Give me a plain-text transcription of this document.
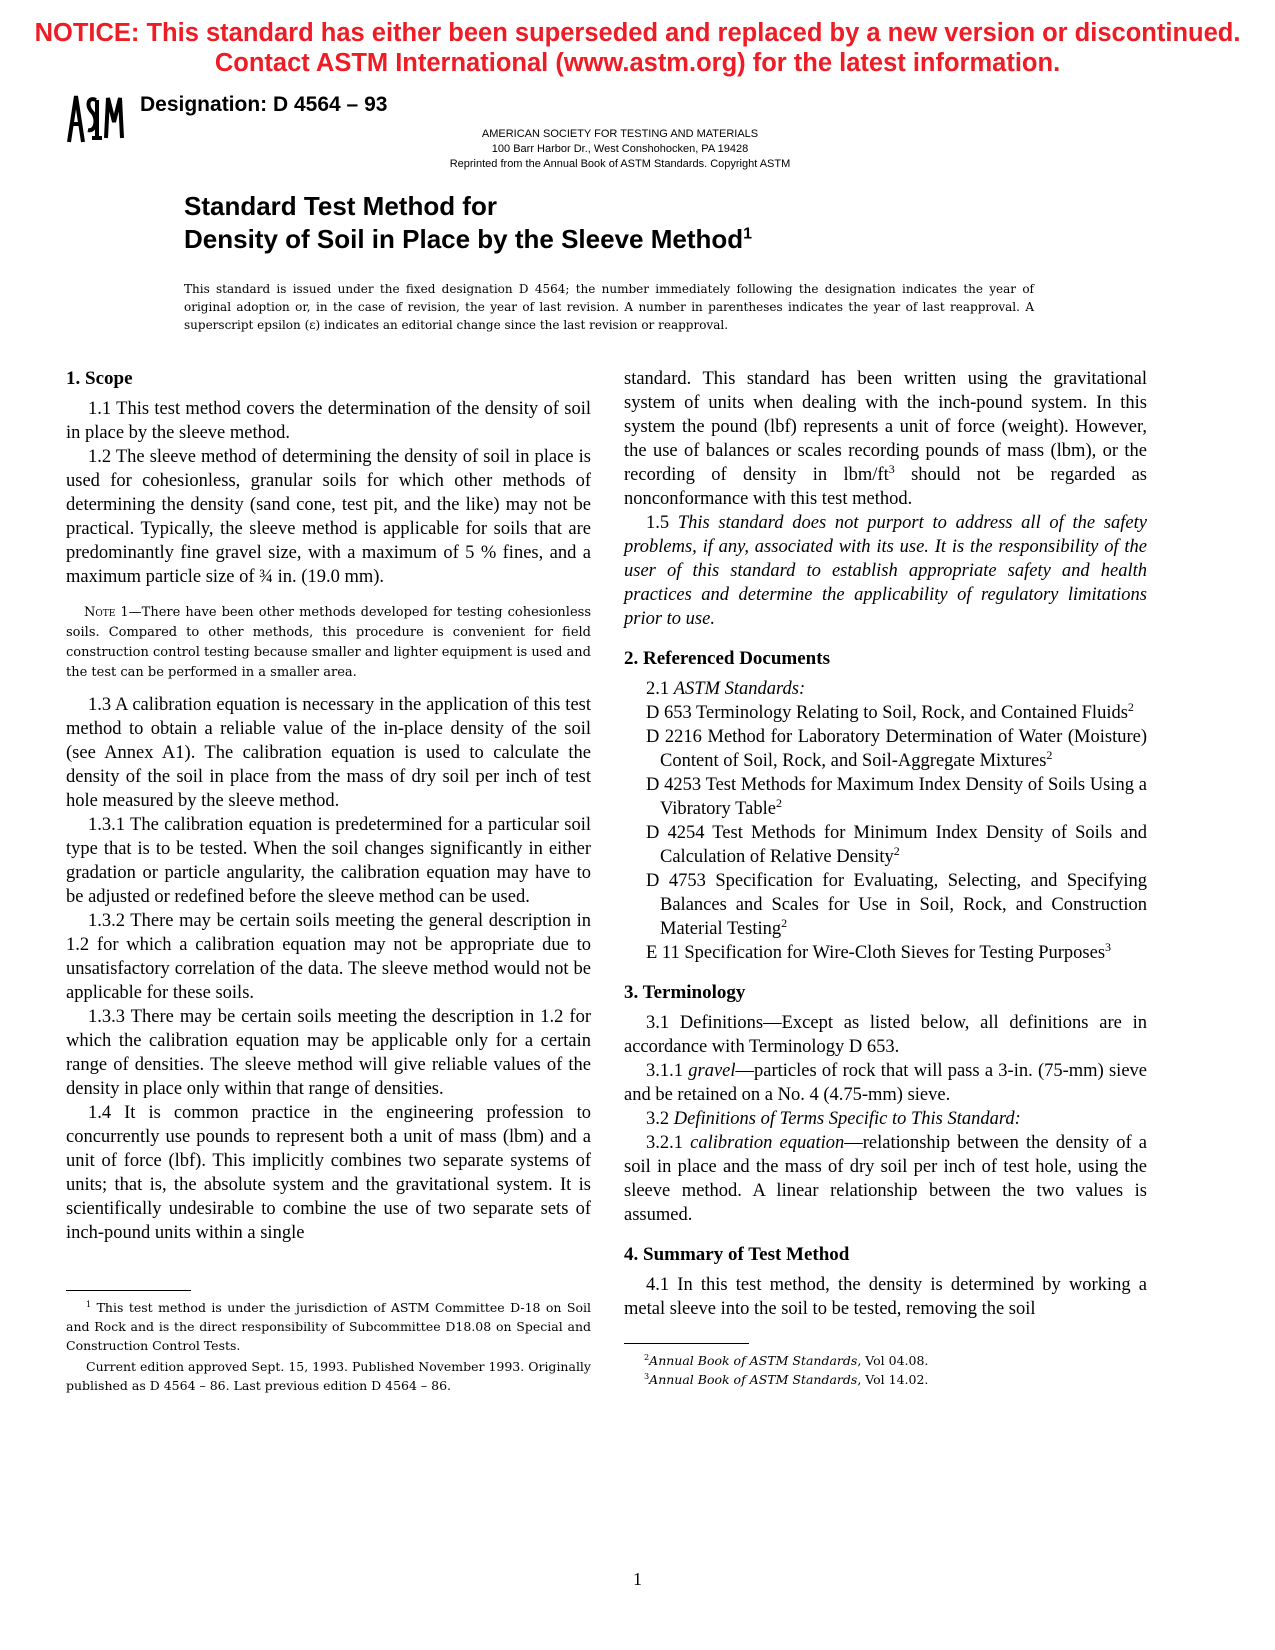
NOTICE: This standard has either been superseded and replaced by a new version or discontinued.
Contact ASTM International (www.astm.org) for the latest information.
Designation: D 4564 – 93
AMERICAN SOCIETY FOR TESTING AND MATERIALS
100 Barr Harbor Dr., West Conshohocken, PA 19428
Reprinted from the Annual Book of ASTM Standards. Copyright ASTM
Standard Test Method for
Density of Soil in Place by the Sleeve Method$^1$
This standard is issued under the fixed designation D 4564; the number immediately following the designation indicates the year of original adoption or, in the case of revision, the year of last revision. A number in parentheses indicates the year of last reapproval. A superscript epsilon (ε) indicates an editorial change since the last revision or reapproval.
1. Scope

1.1 This test method covers the determination of the density of soil in place by the sleeve method.

1.2 The sleeve method of determining the density of soil in place is used for cohesionless, granular soils for which other methods of determining the density (sand cone, test pit, and the like) may not be practical. Typically, the sleeve method is applicable for soils that are predominantly fine gravel size, with a maximum of 5 % fines, and a maximum particle size of ¾ in. (19.0 mm).

Note 1—There have been other methods developed for testing cohesionless soils. Compared to other methods, this procedure is convenient for field construction control testing because smaller and lighter equipment is used and the test can be performed in a smaller area.

1.3 A calibration equation is necessary in the application of this test method to obtain a reliable value of the in-place density of the soil (see Annex A1). The calibration equation is used to calculate the density of the soil in place from the mass of dry soil per inch of test hole measured by the sleeve method.

1.3.1 The calibration equation is predetermined for a particular soil type that is to be tested. When the soil changes significantly in either gradation or particle angularity, the calibration equation may have to be adjusted or redefined before the sleeve method can be used.

1.3.2 There may be certain soils meeting the general description in 1.2 for which a calibration equation may not be appropriate due to unsatisfactory correlation of the data. The sleeve method would not be applicable for these soils.

1.3.3 There may be certain soils meeting the description in 1.2 for which the calibration equation may be applicable only for a certain range of densities. The sleeve method will give reliable values of the density in place only within that range of densities.

1.4 It is common practice in the engineering profession to concurrently use pounds to represent both a unit of mass (lbm) and a unit of force (lbf). This implicitly combines two separate systems of units; that is, the absolute system and the gravitational system. It is scientifically undesirable to combine the use of two separate sets of inch-pound units within a single

standard. This standard has been written using the gravitational system of units when dealing with the inch-pound system. In this system the pound (lbf) represents a unit of force (weight). However, the use of balances or scales recording pounds of mass (lbm), or the recording of density in lbm/$ft^3$ should not be regarded as nonconformance with this test method.

1.5 This standard does not purport to address all of the safety problems, if any, associated with its use. It is the responsibility of the user of this standard to establish appropriate safety and health practices and determine the applicability of regulatory limitations prior to use.

2. Referenced Documents

2.1 ASTM Standards:

D 653 Terminology Relating to Soil, Rock, and Contained Fluids$^2$
D 2216 Method for Laboratory Determination of Water (Moisture) Content of Soil, Rock, and Soil-Aggregate Mixtures$^2$
D 4253 Test Methods for Maximum Index Density of Soils Using a Vibratory Table$^2$
D 4254 Test Methods for Minimum Index Density of Soils and Calculation of Relative Density$^2$
D 4753 Specification for Evaluating, Selecting, and Specifying Balances and Scales for Use in Soil, Rock, and Construction Material Testing$^2$
E 11 Specification for Wire-Cloth Sieves for Testing Purposes$^3$
3. Terminology

3.1 Definitions—Except as listed below, all definitions are in accordance with Terminology D 653.

3.1.1 gravel—particles of rock that will pass a 3-in. (75-mm) sieve and be retained on a No. 4 (4.75-mm) sieve.

3.2 Definitions of Terms Specific to This Standard:

3.2.1 calibration equation—relationship between the density of a soil in place and the mass of dry soil per inch of test hole, using the sleeve method. A linear relationship between the two values is assumed.

4. Summary of Test Method

4.1 In this test method, the density is determined by working a metal sleeve into the soil to be tested, removing the soil

$^1$ This test method is under the jurisdiction of ASTM Committee D-18 on Soil and Rock and is the direct responsibility of Subcommittee D18.08 on Special and Construction Control Tests.

Current edition approved Sept. 15, 1993. Published November 1993. Originally published as D 4564 – 86. Last previous edition D 4564 – 86.

$^2$Annual Book of ASTM Standards, Vol 04.08.

$^3$Annual Book of ASTM Standards, Vol 14.02.

1
